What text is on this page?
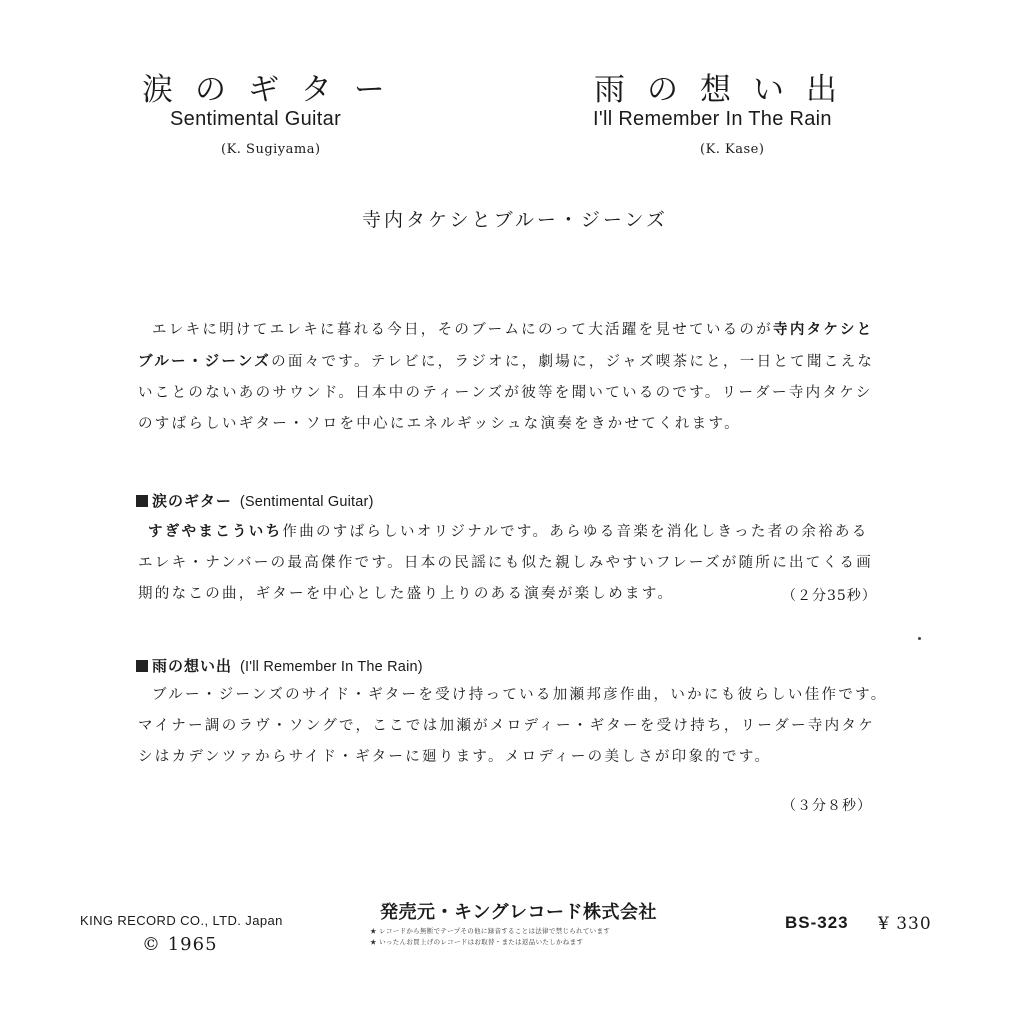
涙のギター
Sentimental Guitar
(K. Sugiyama)
雨の想い出
I'll Remember In The Rain
(K. Kase)
寺内タケシとブルー・ジーンズ
エレキに明けてエレキに暮れる今日，そのブームにのって大活躍を見せているのが寺内タケシと
ブルー・ジーンズの面々です。テレビに，ラジオに，劇場に，ジャズ喫茶にと，一日とて聞こえな
いことのないあのサウンド。日本中のティーンズが彼等を聞いているのです。リーダー寺内タケシ
のすばらしいギター・ソロを中心にエネルギッシュな演奏をきかせてくれます。
涙のギター (Sentimental Guitar)
すぎやまこういち作曲のすばらしいオリジナルです。あらゆる音楽を消化しきった者の余裕ある
エレキ・ナンバーの最高傑作です。日本の民謡にも似た親しみやすいフレーズが随所に出てくる画
期的なこの曲，ギターを中心とした盛り上りのある演奏が楽しめます。	（２分35秒）
雨の想い出 (I'll Remember In The Rain)
ブルー・ジーンズのサイド・ギターを受け持っている加瀬邦彦作曲，いかにも彼らしい佳作です。
マイナー調のラヴ・ソングで，ここでは加瀬がメロディー・ギターを受け持ち，リーダー寺内タケ
シはカデンツァからサイド・ギターに廻ります。メロディーの美しさが印象的です。
（３分８秒）
KING RECORD CO., LTD. Japan
© 1965
発売元・キングレコード株式会社
★ レコードから無断でテープその他に録音することは法律で禁じられています
★ いったんお買上げのレコードはお取替・または返品いたしかねます
BS-323 ¥ 330
